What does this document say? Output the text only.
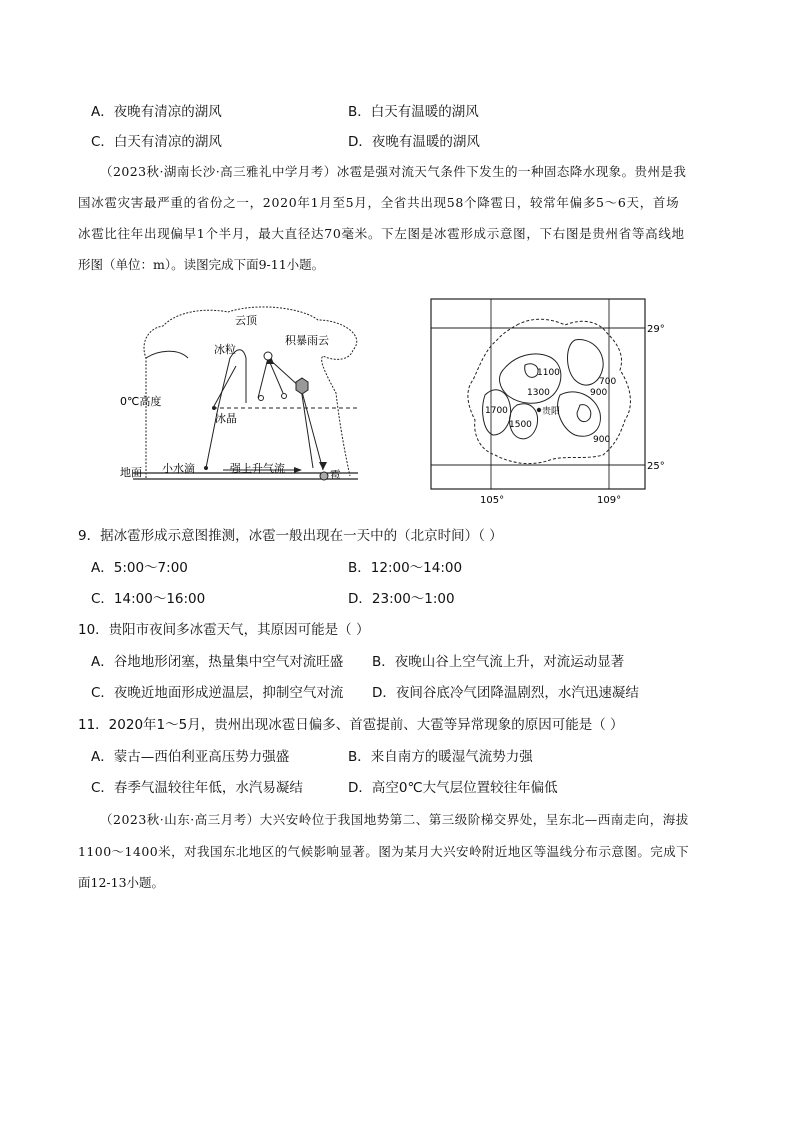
A．夜晚有清凉的湖风	B．白天有温暖的湖风
C．白天有清凉的湖风	D．夜晚有温暖的湖风
（2023秋·湖南长沙·高三雅礼中学月考）冰雹是强对流天气条件下发生的一种固态降水现象。贵州是我
国冰雹灾害最严重的省份之一，2020年1月至5月，全省共出现58个降雹日，较常年偏多5～6天，首场
冰雹比往年出现偏早1个半月，最大直径达70毫米。下左图是冰雹形成示意图，下右图是贵州省等高线地
形图（单位：m）。读图完成下面9-11小题。
云顶
积暴雨云
冰粒
0℃高度
冰晶
地面 小水滴	强上升气流	雹
1100
1300
700
900
1700
1500
900
贵阳
29°
25°
105°	109°
9．据冰雹形成示意图推测，冰雹一般出现在一天中的（北京时间）（ ）
A．5:00～7:00	B．12:00～14:00
C．14:00～16:00	D．23:00～1:00
10．贵阳市夜间多冰雹天气，其原因可能是（ ）
A．谷地地形闭塞，热量集中空气对流旺盛 B．夜晚山谷上空气流上升，对流运动显著
C．夜晚近地面形成逆温层，抑制空气对流 D．夜间谷底冷气团降温剧烈，水汽迅速凝结
11．2020年1～5月，贵州出现冰雹日偏多、首雹提前、大雹等异常现象的原因可能是（ ）
A．蒙古—西伯利亚高压势力强盛	B．来自南方的暖湿气流势力强
C．春季气温较往年低，水汽易凝结	D．高空0℃大气层位置较往年偏低
（2023秋·山东·高三月考）大兴安岭位于我国地势第二、第三级阶梯交界处，呈东北—西南走向，海拔
1100～1400米，对我国东北地区的气候影响显著。图为某月大兴安岭附近地区等温线分布示意图。完成下
面12-13小题。
